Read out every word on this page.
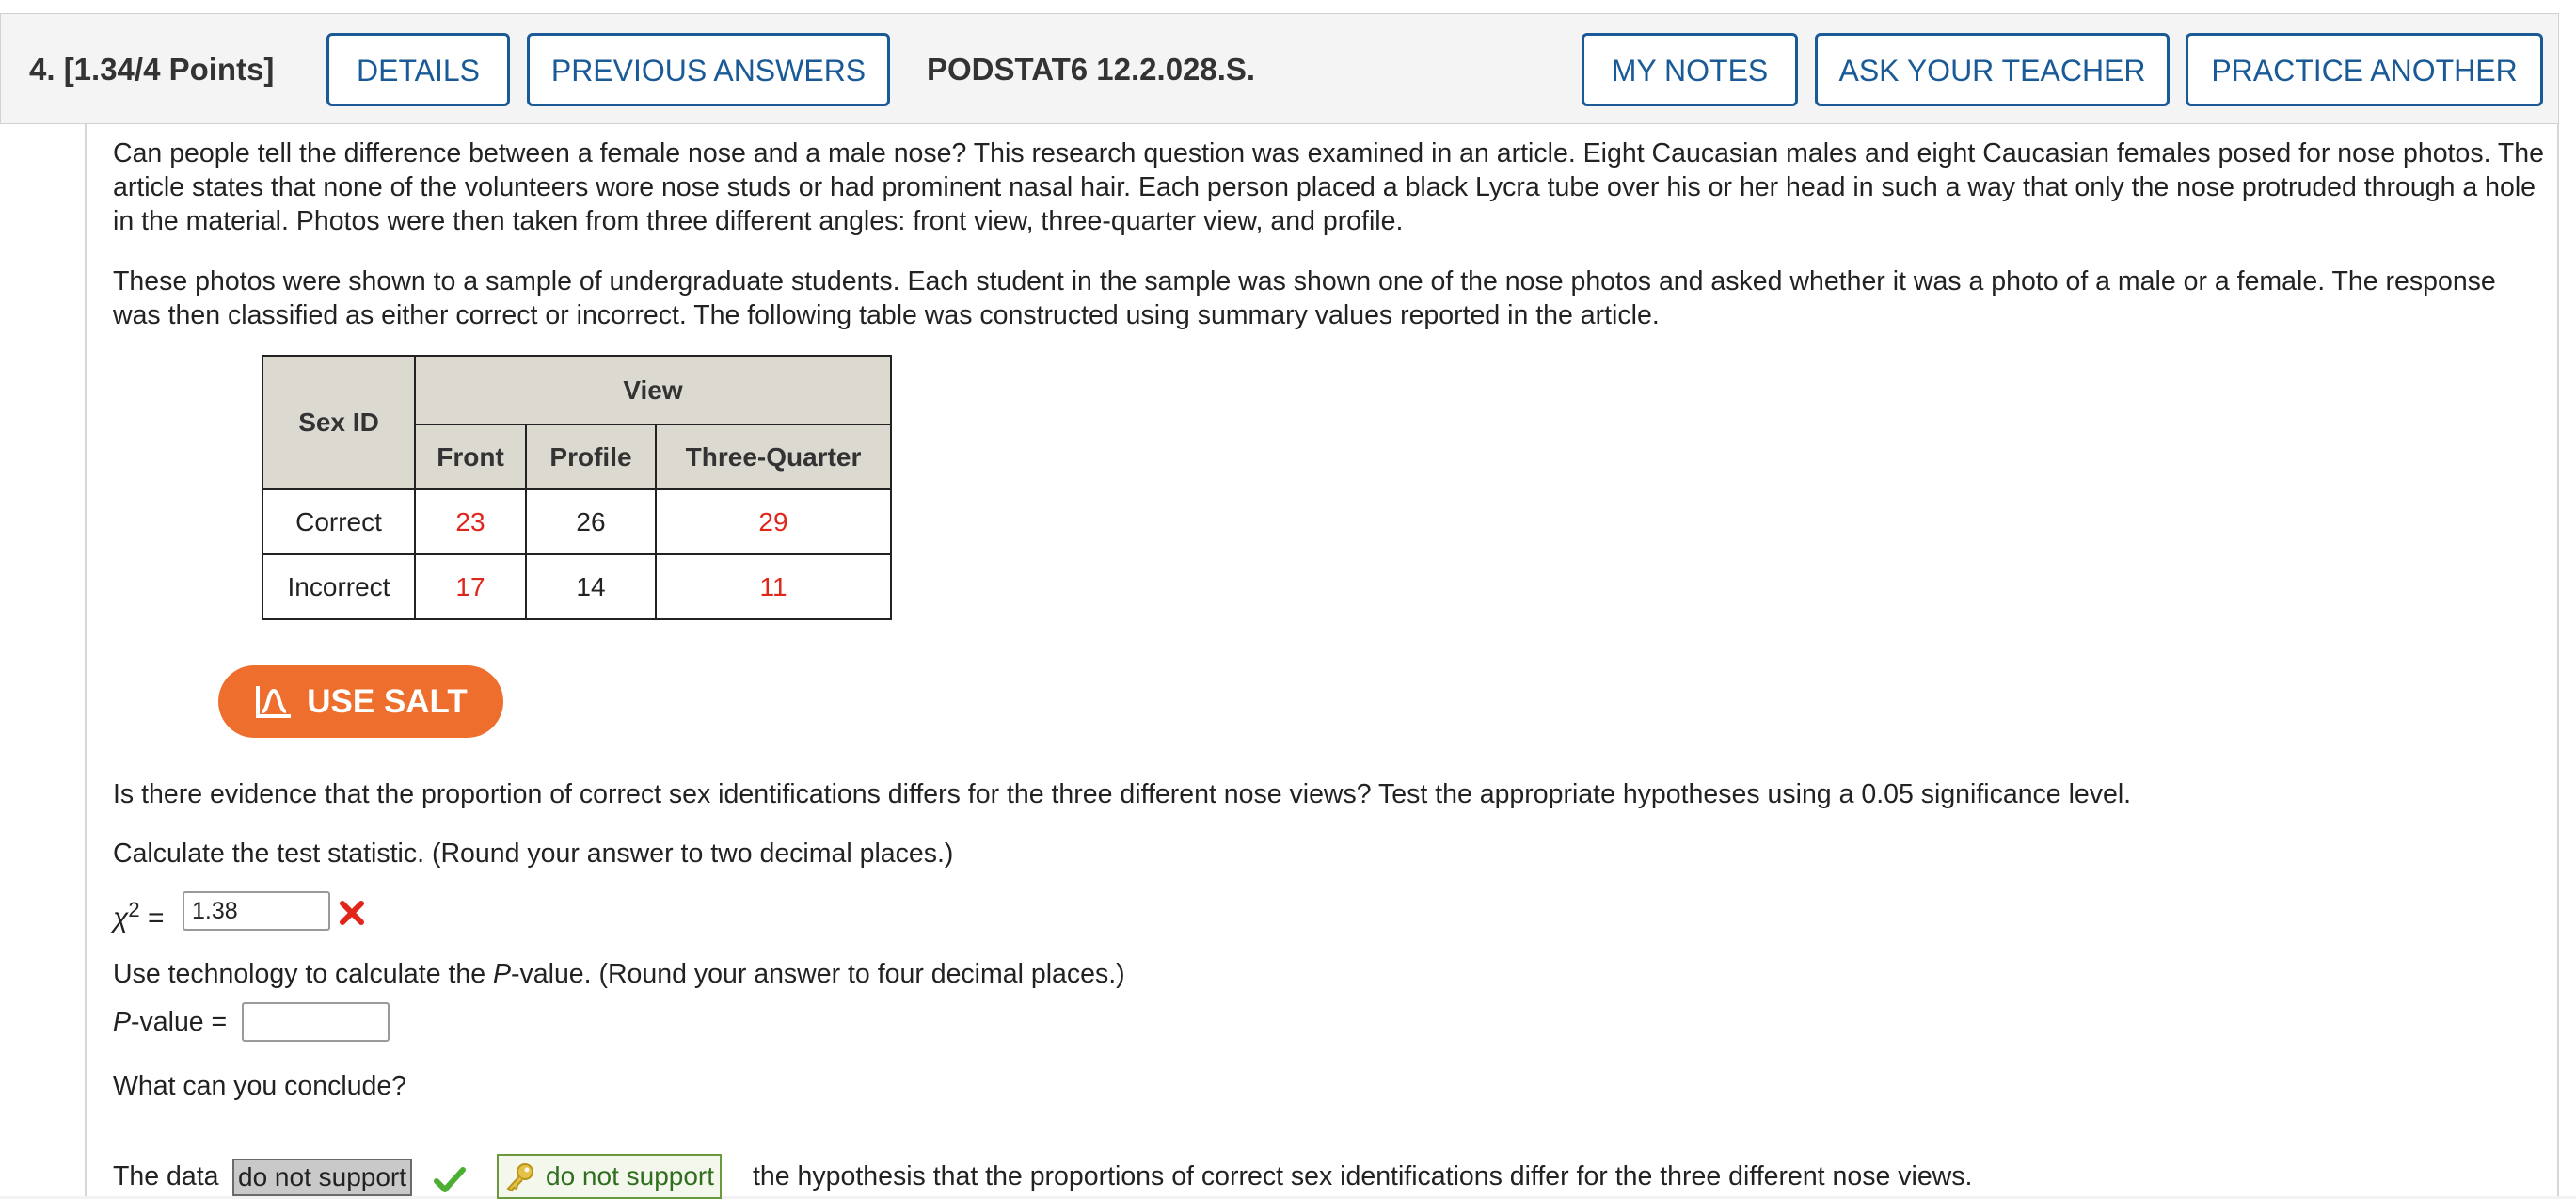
4. [1.34/4 Points]	DETAILS	PREVIOUS ANSWERS	PODSTAT6 12.2.028.S.	MY NOTES	ASK YOUR TEACHER	PRACTICE ANOTHER

Can people tell the difference between a female nose and a male nose? This research question was examined in an article. Eight Caucasian males and eight Caucasian females posed for nose photos. The article states that none of the volunteers wore nose studs or had prominent nasal hair. Each person placed a black Lycra tube over his or her head in such a way that only the nose protruded through a hole in the material. Photos were then taken from three different angles: front view, three-quarter view, and profile.

These photos were shown to a sample of undergraduate students. Each student in the sample was shown one of the nose photos and asked whether it was a photo of a male or a female. The response was then classified as either correct or incorrect. The following table was constructed using summary values reported in the article.

Sex ID	View		
	Front	Profile	Three-Quarter
Correct	23	26	29
Incorrect	17	14	11
USE SALT
Is there evidence that the proportion of correct sex identifications differs for the three different nose views? Test the appropriate hypotheses using a 0.05 significance level.
Calculate the test statistic. (Round your answer to two decimal places.)
$\chi^2$ =	1.38
Use technology to calculate the P-value. (Round your answer to four decimal places.)
P-value =
What can you conclude?
The data do not support	do not support the hypothesis that the proportions of correct sex identifications differ for the three different nose views.
